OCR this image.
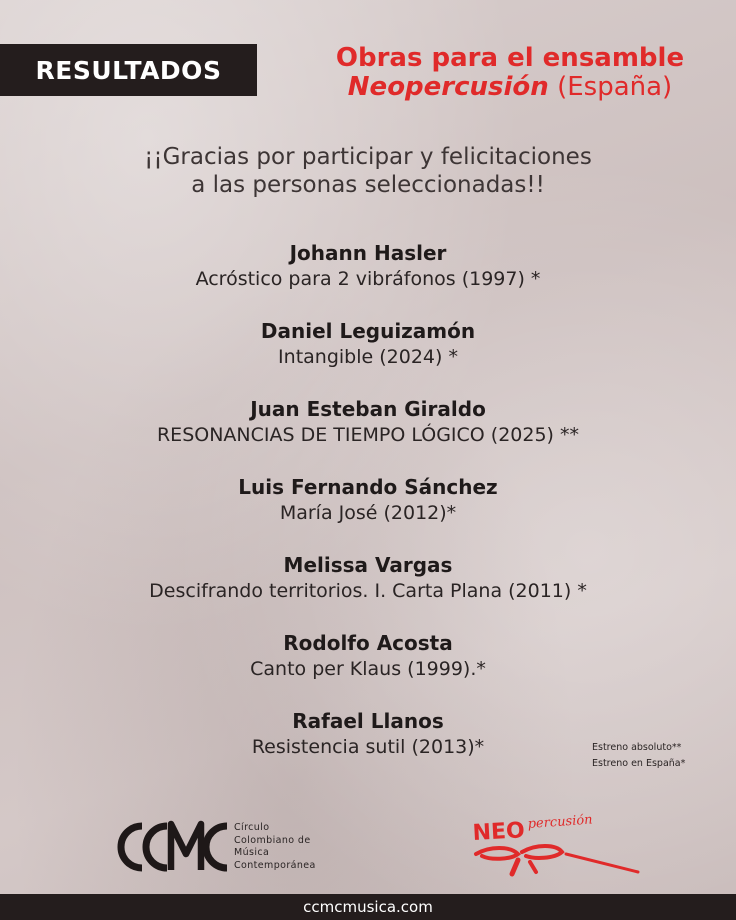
RESULTADOS	Obras para el ensamble
Neopercusión (España)
¡¡Gracias por participar y felicitaciones
a las personas seleccionadas!!
Johann Hasler
Acróstico para 2 vibráfonos (1997) *
Daniel Leguizamón
Intangible (2024) *
Juan Esteban Giraldo
RESONANCIAS DE TIEMPO LÓGICO (2025) **
Luis Fernando Sánchez
María José (2012)*
Melissa Vargas
Descifrando territorios. I. Carta Plana (2011) *
Rodolfo Acosta
Canto per Klaus (1999).*
Rafael Llanos
Resistencia sutil (2013)*	Estreno absoluto**
Estreno en España*
Círculo
Colombiano de
Música
Contemporánea
NEO percusión
ccmcmusica.com
